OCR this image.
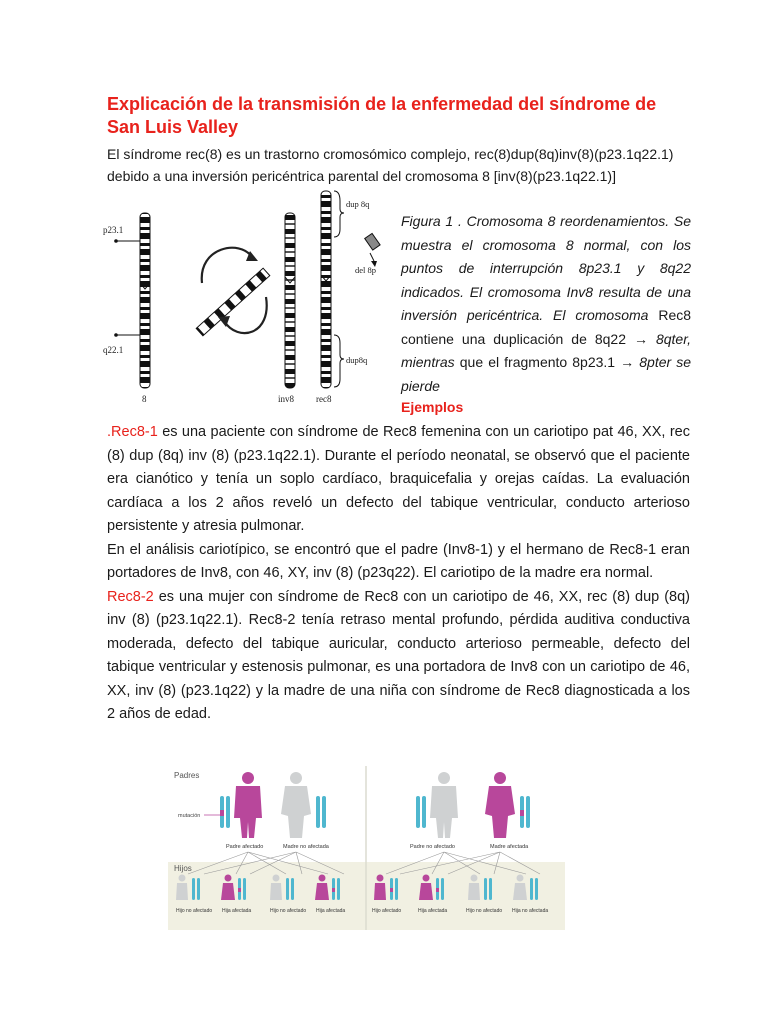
Explicación de la transmisión de la enfermedad del síndrome de San Luis Valley

El síndrome rec(8) es un trastorno cromosómico complejo, rec(8)dup(8q)inv(8)(p23.1q22.1) debido a una inversión pericéntrica parental del cromosoma 8 [inv(8)(p23.1q22.1)]

p23.1
q22.1
8	inv8 rec8
dup 8q
del 8p
dup8q

Figura 1 . Cromosoma 8 reordenamientos. Se muestra el cromosoma 8 normal, con los puntos de interrupción 8p23.1 y 8q22 indicados. El cromosoma Inv8 resulta de una inversión pericéntrica. El cromosoma Rec8 contiene una duplicación de 8q22 → 8qter, mientras que el fragmento 8p23.1 → 8pter se pierde

Ejemplos

.Rec8-1 es una paciente con síndrome de Rec8 femenina con un cariotipo pat 46, XX, rec (8) dup (8q) inv (8) (p23.1q22.1). Durante el período neonatal, se observó que el paciente era cianótico y tenía un soplo cardíaco, braquicefalia y orejas caídas. La evaluación cardíaca a los 2 años reveló un defecto del tabique ventricular, conducto arterioso persistente y atresia pulmonar.

En el análisis cariotípico, se encontró que el padre (Inv8-1) y el hermano de Rec8-1 eran portadores de Inv8, con 46, XY, inv (8) (p23q22). El cariotipo de la madre era normal.

Rec8-2 es una mujer con síndrome de Rec8 con un cariotipo de 46, XX, rec (8) dup (8q) inv (8) (p23.1q22.1). Rec8-2 tenía retraso mental profundo, pérdida auditiva conductiva moderada, defecto del tabique auricular, conducto arterioso permeable, defecto del tabique ventricular y estenosis pulmonar, es una portadora de Inv8 con un cariotipo de 46, XX, inv (8) (p23.1q22) y la madre de una niña con síndrome de Rec8 diagnosticada a los 2 años de edad.

Padres
Hijos
mutación
Padre afectado	Madre no afectada
Hijo no afectado Hija afectada	Hijo no afectado Hija afectada
Padre no afectado	Madre afectada
Hijo afectado	Hija afectada	Hijo no afectado Hija no afectada
